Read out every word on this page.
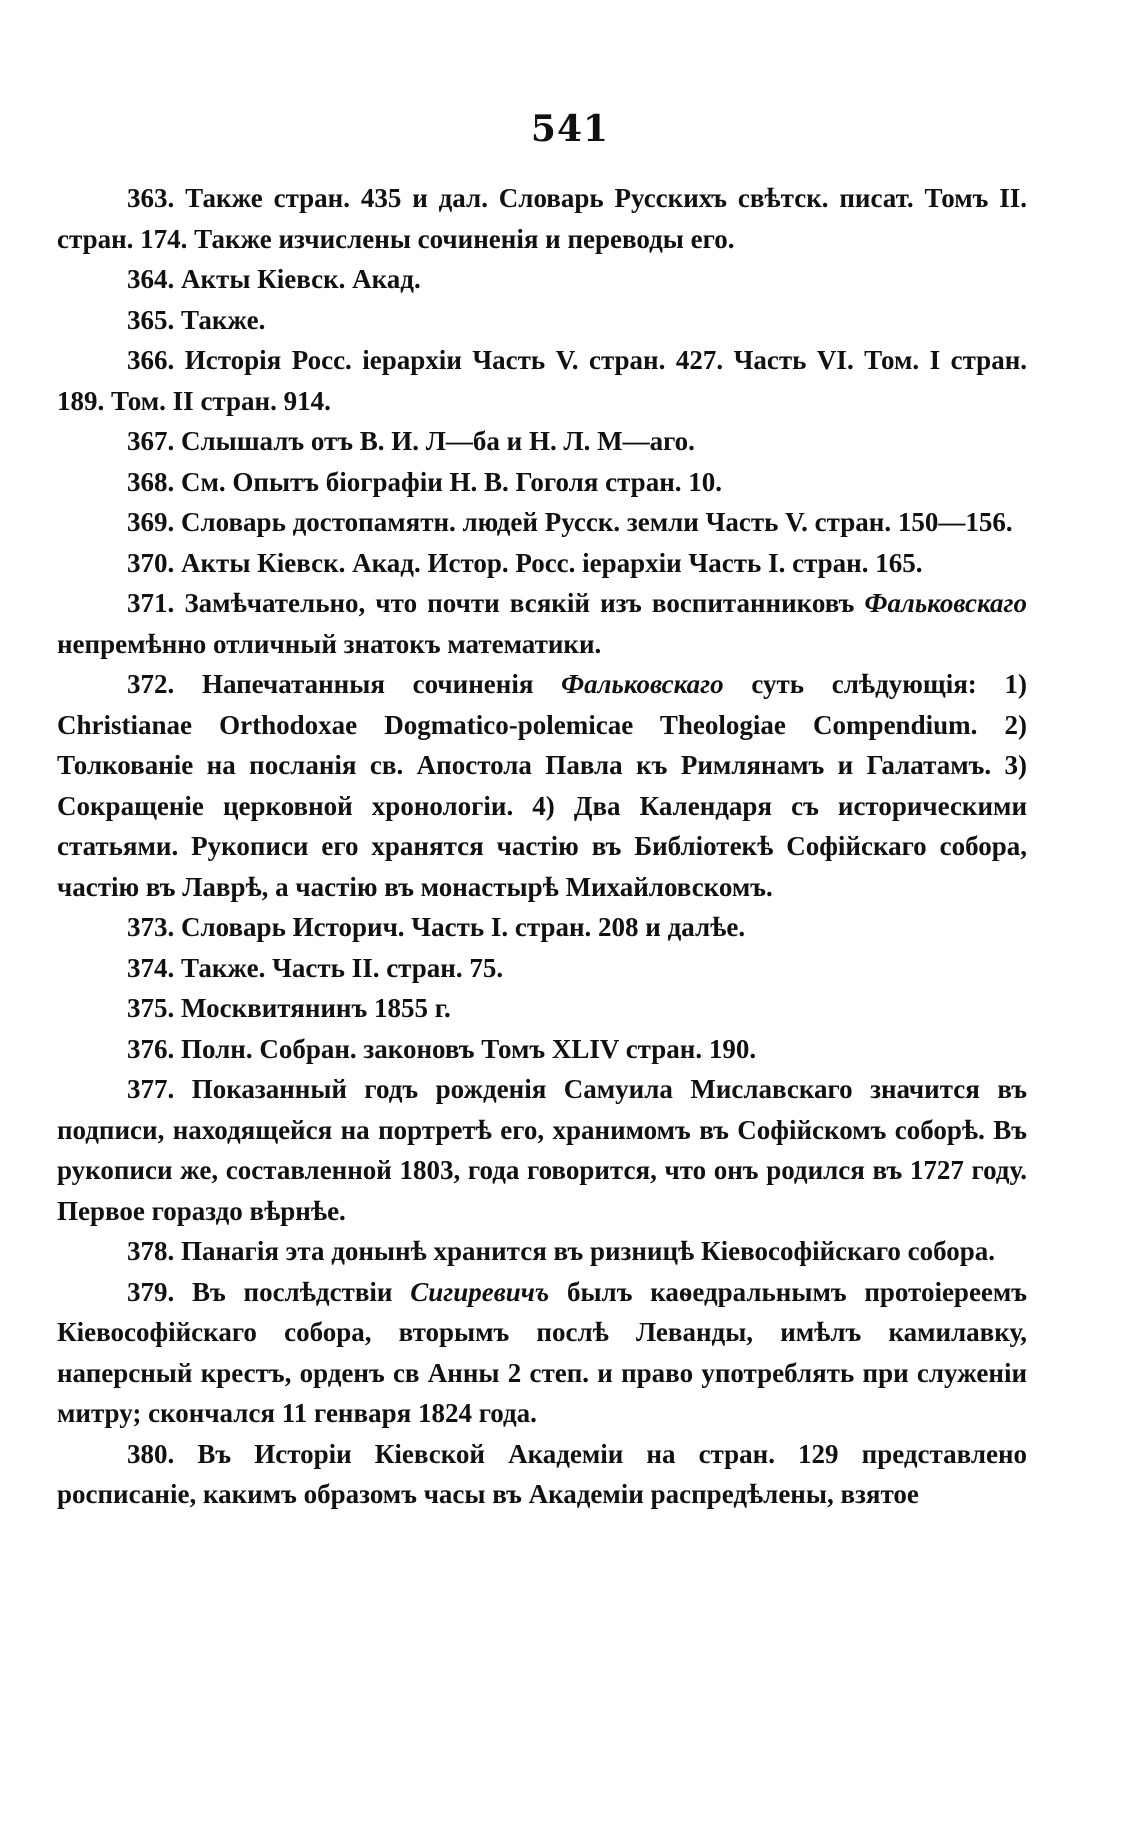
541

363. Также стран. 435 и дал. Словарь Русскихъ свѣтск. писат. Томъ II. стран. 174. Также изчислены сочиненія и переводы его.

364. Акты Кіевск. Акад.

365. Также.

366. Исторія Росс. іерархіи Часть V. стран. 427. Часть VI. Том. I стран. 189. Том. II стран. 914.

367. Слышалъ отъ В. И. Л—ба и Н. Л. М—аго.

368. См. Опытъ біографіи Н. В. Гоголя стран. 10.

369. Словарь достопамятн. людей Русск. земли Часть V. стран. 150—156.

370. Акты Кіевск. Акад. Истор. Росс. іерархіи Часть I. стран. 165.

371. Замѣчательно, что почти всякій изъ воспитанниковъ Фальковскаго непремѣнно отличный знатокъ математики.

372. Напечатанныя сочиненія Фальковскаго суть слѣдующія: 1) Christianae Orthodoxae Dogmatico-polemicae Theologiae Compendium. 2) Толкованіе на посланія св. Апостола Павла къ Римлянамъ и Галатамъ. 3) Сокращеніе церковной хронологіи. 4) Два Календаря съ историческими статьями. Рукописи его хранятся частію въ Библіотекѣ Софійскаго собора, частію въ Лаврѣ, а частію въ монастырѣ Михайловскомъ.

373. Словарь Историч. Часть I. стран. 208 и далѣе.

374. Также. Часть II. стран. 75.

375. Москвитянинъ 1855 г.

376. Полн. Собран. законовъ Томъ XLIV стран. 190.

377. Показанный годъ рожденія Самуила Миславскаго значится въ подписи, находящейся на портретѣ его, хранимомъ въ Софійскомъ соборѣ. Въ рукописи же, составленной 1803, года говорится, что онъ родился въ 1727 году. Первое гораздо вѣрнѣе.

378. Панагія эта донынѣ хранится въ ризницѣ Кіевософійскаго собора.

379. Въ послѣдствіи Сигиревичъ былъ каѳедральнымъ протоіереемъ Кіевософійскаго собора, вторымъ послѣ Леванды, имѣлъ камилавку, наперсный крестъ, орденъ св Анны 2 степ. и право употреблять при служеніи митру; скончался 11 генваря 1824 года.

380. Въ Исторіи Кіевской Академіи на стран. 129 представлено росписаніе, какимъ образомъ часы въ Академіи распредѣлены, взятое
